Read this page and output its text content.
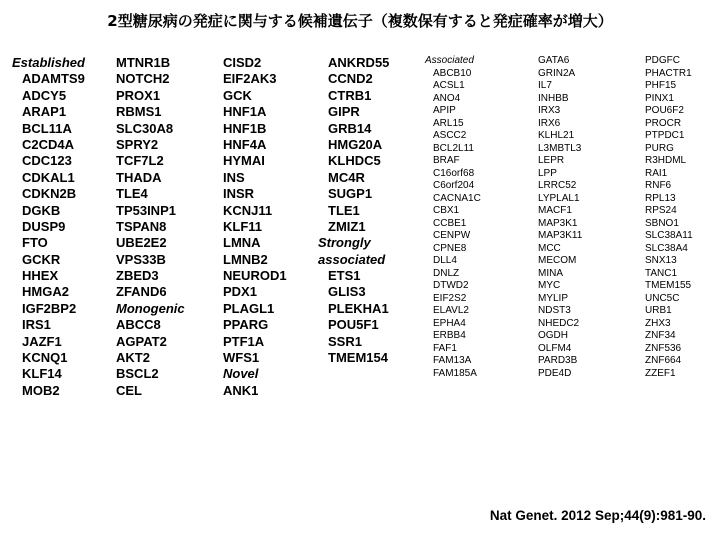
2型糖尿病の発症に関与する候補遺伝子（複数保有すると発症確率が増大）
Established
ADAMTS9
ADCY5
ARAP1
BCL11A
C2CD4A
CDC123
CDKAL1
CDKN2B
DGKB
DUSP9
FTO
GCKR
HHEX
HMGA2
IGF2BP2
IRS1
JAZF1
KCNQ1
KLF14
MOB2
MTNR1B
NOTCH2
PROX1
RBMS1
SLC30A8
SPRY2
TCF7L2
THADA
TLE4
TP53INP1
TSPAN8
UBE2E2
VPS33B
ZBED3
ZFAND6
Monogenic
ABCC8
AGPAT2
AKT2
BSCL2
CEL
CISD2
EIF2AK3
GCK
HNF1A
HNF1B
HNF4A
HYMAI
INS
INSR
KCNJ11
KLF11
LMNA
LMNB2
NEUROD1
PDX1
PLAGL1
PPARG
PTF1A
WFS1
Novel
ANK1
ANKRD55
CCND2
CTRB1
GIPR
GRB14
HMG20A
KLHDC5
MC4R
SUGP1
TLE1
ZMIZ1
Strongly
associated
ETS1
GLIS3
PLEKHA1
POU5F1
SSR1
TMEM154
Associated
ABCB10
ACSL1
ANO4
APIP
ARL15
ASCC2
BCL2L11
BRAF
C16orf68
C6orf204
CACNA1C
CBX1
CCBE1
CENPW
CPNE8
DLL4
DNLZ
DTWD2
EIF2S2
ELAVL2
EPHA4
ERBB4
FAF1
FAM13A
FAM185A
GATA6
GRIN2A
IL7
INHBB
IRX3
IRX6
KLHL21
L3MBTL3
LEPR
LPP
LRRC52
LYPLAL1
MACF1
MAP3K1
MAP3K11
MCC
MECOM
MINA
MYC
MYLIP
NDST3
NHEDC2
OGDH
OLFM4
PARD3B
PDE4D
PDGFC
PHACTR1
PHF15
PINX1
POU6F2
PROCR
PTPDC1
PURG
R3HDML
RAI1
RNF6
RPL13
RPS24
SBNO1
SLC38A11
SLC38A4
SNX13
TANC1
TMEM155
UNC5C
URB1
ZHX3
ZNF34
ZNF536
ZNF664
ZZEF1
Nat Genet. 2012 Sep;44(9):981-90.
